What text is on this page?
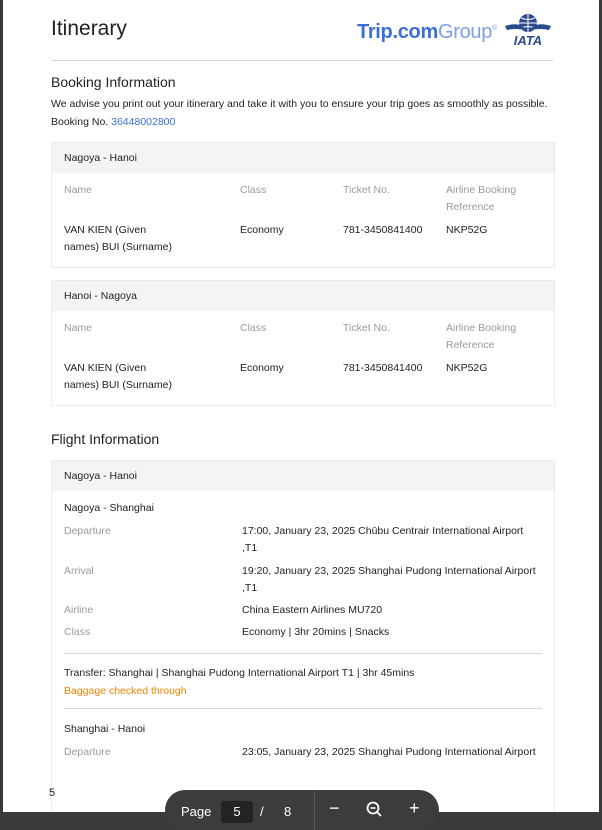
Itinerary	Trip.comGroup®
IATA
Booking Information
We advise you print out your itinerary and take it with you to ensure your trip goes as smoothly as possible.
Booking No. 36448002800
Nagoya - Hanoi
Name	Class	Ticket No.	Airline Booking
Reference
VAN KIEN (Given
names) BUI (Surname)
Economy	781-3450841400 NKP52G
Hanoi - Nagoya
Name	Class	Ticket No.	Airline Booking
Reference
VAN KIEN (Given
names) BUI (Surname)
Economy	781-3450841400 NKP52G
Flight Information
Nagoya - Hanoi
Nagoya - Shanghai
Departure	17:00, January 23, 2025 Chūbu Centrair International Airport
,T1
Arrival	19:20, January 23, 2025 Shanghai Pudong International Airport
,T1
Airline	China Eastern Airlines MU720
Class	Economy | 3hr 20mins | Snacks
Transfer: Shanghai | Shanghai Pudong International Airport T1 | 3hr 45mins
Baggage checked through
Shanghai - Hanoi
Departure	23:05, January 23, 2025 Shanghai Pudong International Airport
5
Page	5	/ 8 −	+
